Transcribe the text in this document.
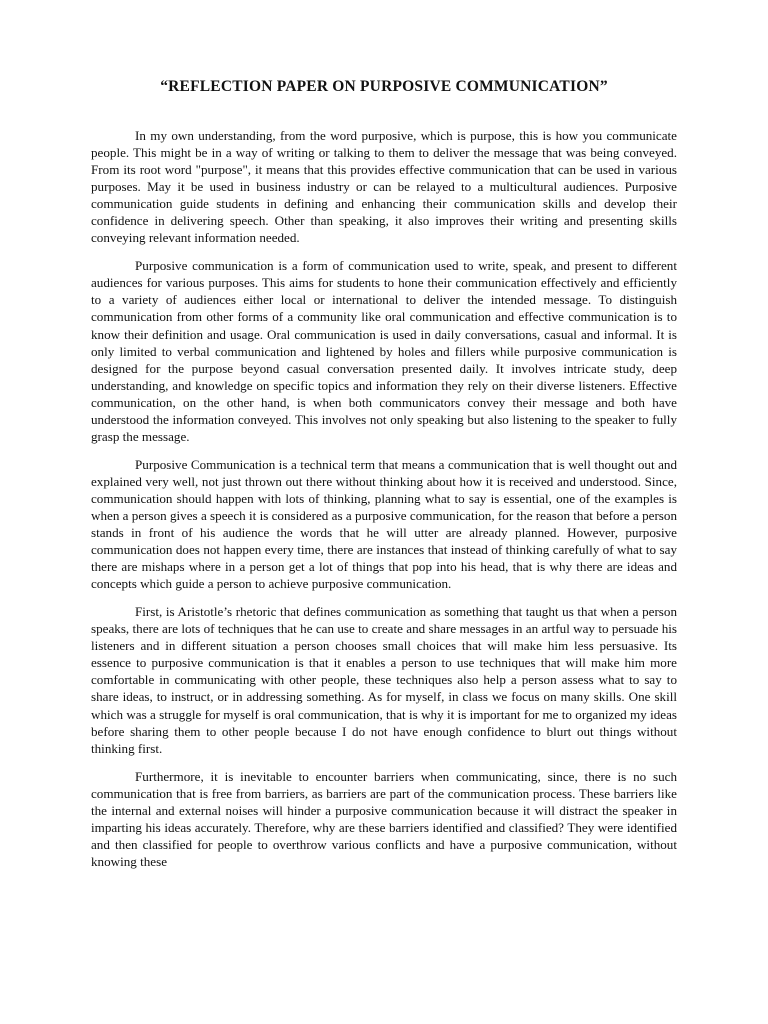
“REFLECTION PAPER ON PURPOSIVE COMMUNICATION”

In my own understanding, from the word purposive, which is purpose, this is how you communicate people. This might be in a way of writing or talking to them to deliver the message that was being conveyed. From its root word "purpose", it means that this provides effective communication that can be used in various purposes. May it be used in business industry or can be relayed to a multicultural audiences. Purposive communication guide students in defining and enhancing their communication skills and develop their confidence in delivering speech. Other than speaking, it also improves their writing and presenting skills conveying relevant information needed.

Purposive communication is a form of communication used to write, speak, and present to different audiences for various purposes. This aims for students to hone their communication effectively and efficiently to a variety of audiences either local or international to deliver the intended message. To distinguish communication from other forms of a community like oral communication and effective communication is to know their definition and usage. Oral communication is used in daily conversations, casual and informal. It is only limited to verbal communication and lightened by holes and fillers while purposive communication is designed for the purpose beyond casual conversation presented daily. It involves intricate study, deep understanding, and knowledge on specific topics and information they rely on their diverse listeners. Effective communication, on the other hand, is when both communicators convey their message and both have understood the information conveyed. This involves not only speaking but also listening to the speaker to fully grasp the message.

Purposive Communication is a technical term that means a communication that is well thought out and explained very well, not just thrown out there without thinking about how it is received and understood. Since, communication should happen with lots of thinking, planning what to say is essential, one of the examples is when a person gives a speech it is considered as a purposive communication, for the reason that before a person stands in front of his audience the words that he will utter are already planned. However, purposive communication does not happen every time, there are instances that instead of thinking carefully of what to say there are mishaps where in a person get a lot of things that pop into his head, that is why there are ideas and concepts which guide a person to achieve purposive communication.

First, is Aristotle’s rhetoric that defines communication as something that taught us that when a person speaks, there are lots of techniques that he can use to create and share messages in an artful way to persuade his listeners and in different situation a person chooses small choices that will make him less persuasive. Its essence to purposive communication is that it enables a person to use techniques that will make him more comfortable in communicating with other people, these techniques also help a person assess what to say to share ideas, to instruct, or in addressing something. As for myself, in class we focus on many skills. One skill which was a struggle for myself is oral communication, that is why it is important for me to organized my ideas before sharing them to other people because I do not have enough confidence to blurt out things without thinking first.

Furthermore, it is inevitable to encounter barriers when communicating, since, there is no such communication that is free from barriers, as barriers are part of the communication process. These barriers like the internal and external noises will hinder a purposive communication because it will distract the speaker in imparting his ideas accurately. Therefore, why are these barriers identified and classified? They were identified and then classified for people to overthrow various conflicts and have a purposive communication, without knowing these
